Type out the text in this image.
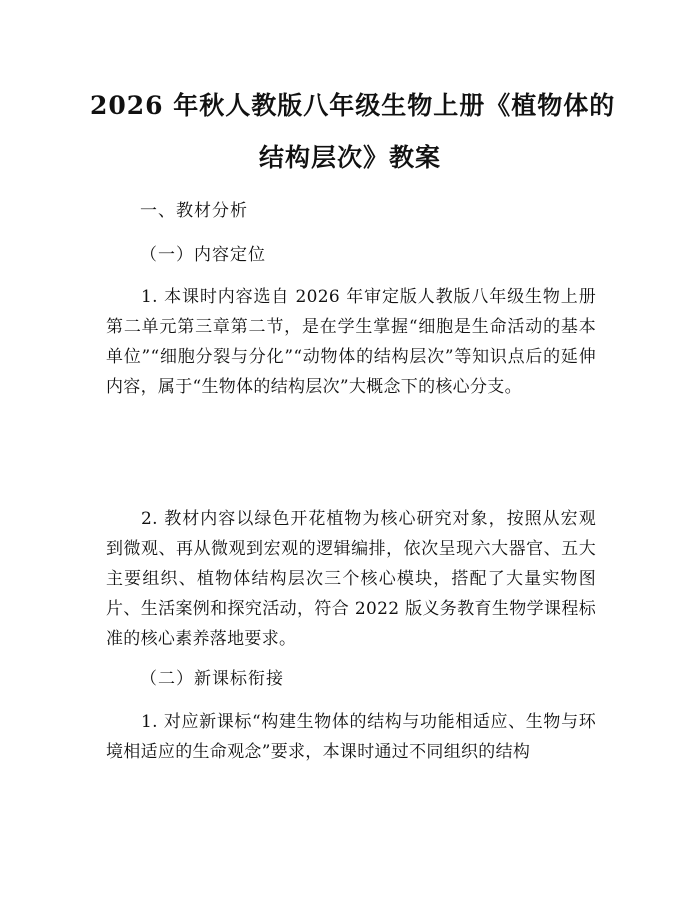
2026 年秋人教版八年级生物上册《植物体的
结构层次》教案

一、教材分析

（一）内容定位

1. 本课时内容选自 2026 年审定版人教版八年级生物上册第二单元第三章第二节，是在学生掌握“细胞是生命活动的基本单位”“细胞分裂与分化”“动物体的结构层次”等知识点后的延伸内容，属于“生物体的结构层次”大概念下的核心分支。

2. 教材内容以绿色开花植物为核心研究对象，按照从宏观到微观、再从微观到宏观的逻辑编排，依次呈现六大器官、五大主要组织、植物体结构层次三个核心模块，搭配了大量实物图片、生活案例和探究活动，符合 2022 版义务教育生物学课程标准的核心素养落地要求。

（二）新课标衔接

1. 对应新课标“构建生物体的结构与功能相适应、生物与环境相适应的生命观念”要求，本课时通过不同组织的结构
